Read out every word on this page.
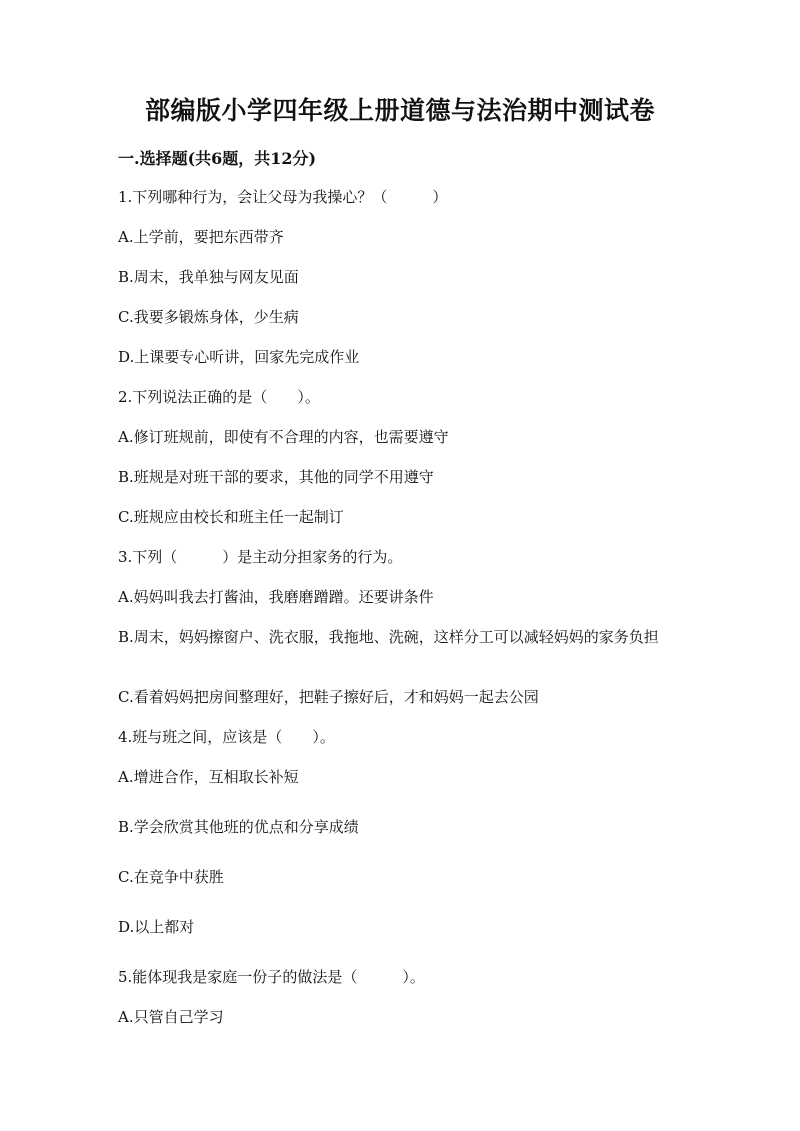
部编版小学四年级上册道德与法治期中测试卷
一.选择题(共6题，共12分)
1.下列哪种行为，会让父母为我操心？（　　　）
A.上学前，要把东西带齐
B.周末，我单独与网友见面
C.我要多锻炼身体，少生病
D.上课要专心听讲，回家先完成作业
2.下列说法正确的是（　　）。
A.修订班规前，即使有不合理的内容，也需要遵守
B.班规是对班干部的要求，其他的同学不用遵守
C.班规应由校长和班主任一起制订
3.下列（　　　）是主动分担家务的行为。
A.妈妈叫我去打酱油，我磨磨蹭蹭。还要讲条件
B.周末，妈妈擦窗户、洗衣服，我拖地、洗碗，这样分工可以减轻妈妈的家务负担
C.看着妈妈把房间整理好，把鞋子擦好后，才和妈妈一起去公园
4.班与班之间，应该是（　　）。
A.增进合作，互相取长补短
B.学会欣赏其他班的优点和分享成绩
C.在竞争中获胜
D.以上都对
5.能体现我是家庭一份子的做法是（　　　）。
A.只管自己学习
